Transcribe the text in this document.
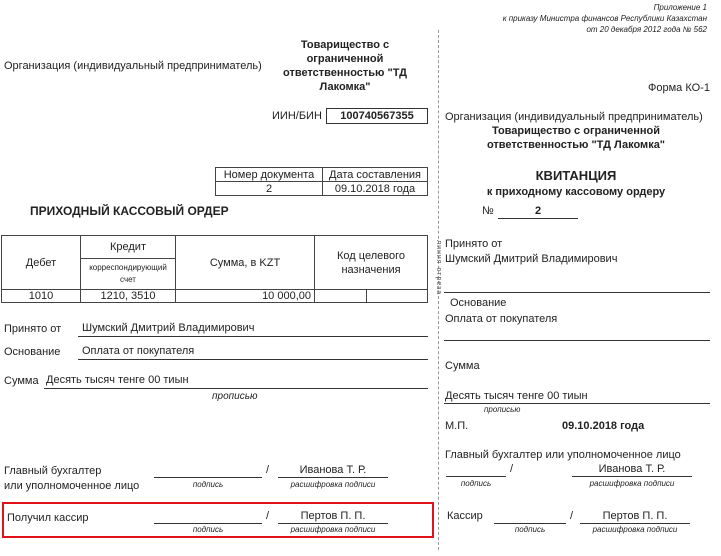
Приложение 1
к приказу Министра финансов Республики Казахстан
от 20 декабря 2012 года № 562
Организация (индивидуальный предприниматель)
Товарищество с ограниченной ответственностью "ТД Лакомка"
ИИН/БИН	100740567355
Номер документа	Дата составления
2	09.10.2018 года
ПРИХОДНЫЙ КАССОВЫЙ ОРДЕР
Дебет	Кредит	Сумма, в KZT	Код целевого назначения	
	корреспондирующий счет			
1010	1210, 3510	10 000,00		
Принято от Шумский Дмитрий Владимирович
Основание Оплата от покупателя
Сумма Десять тысяч тенге 00 тиын
прописью
Главный бухгалтер
или уполномоченное лицо
/	Иванова Т. Р.
подпись	расшифровка подписи
Получил кассир	/	Пертов П. П.
подпись	расшифровка подписи
линия отреза
Форма КО-1
Организация (индивидуальный предприниматель)
Товарищество с ограниченной ответственностью "ТД Лакомка"
КВИТАНЦИЯ
к приходному кассовому ордеру
№	2
Принято от
Шумский Дмитрий Владимирович
Основание
Оплата от покупателя
Сумма
Десять тысяч тенге 00 тиын
прописью
М.П.	09.10.2018 года
Главный бухгалтер или уполномоченное лицо
/	Иванова Т. Р.
подпись	расшифровка подписи
Кассир	/	Пертов П. П.
подпись	расшифровка подписи
